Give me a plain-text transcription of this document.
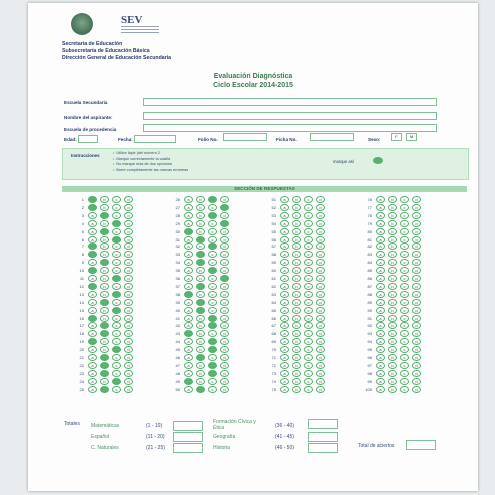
SEV
Secretaría de Educación
Subsecretaría de Educación Básica
Dirección General de Educación Secundaria
Evaluación Diagnóstica
Ciclo Escolar 2014-2015
Escuela Secundaria
Nombre del aspirante:
Escuela de procedencia
Edad:	Fecha:	Folio No.	Ficha No.	Sexo:
F	M
Instrucciones
•	Utilice lápiz (del número 2
• Marque correctamente la casilla
• No marque más de dos opciones
• Borre completamente las marcas erróneas
marque así
SECCIÓN DE RESPUESTAS
1	b	c	d
2	b	c	d
3	a	c	d
4	a	b	d
5	a	c	d
6	a	b	d
7	b	c	d
8	b	c	d
9	a	c	d
10	b	c	d
11	a	b	d
12	b	c	d
13	a	b	d
14	a	c	d
15	a	b	d
16	b	c	d
17	a	c	d
18	a	c	d
19	b	c	d
20	a	b	d
21	a	c	d
22	a	c	d
23	a	c	d
24	a	b	d
25	a	c	d
26	a	b	d
27	a	b	c
28	a	b	d
29	a	b	c
30	b	c	d
31	a	c	d
32	a	b	d
33	a	c	d
34	a	c	d
35	a	b	d
36	a	b	c
37	a	c	d
38	b	c	d
39	a	c	d
40	a	c	d
41	a	b	d
42	a	b	d
43	b	c	d
44	a	b	d
45	a	b	d
46	a	c	d
47	a	b	d
48	a	b	d
49	b	c	d
50	a	c	d
51	a	b	c	d
52	a	b	c	d
53	a	b	c	d
54	a	b	c	d
55	a	b	c	d
56	a	b	c	d
57	a	b	c	d
58	a	b	c	d
59	a	b	c	d
60	a	b	c	d
61	a	b	c	d
62	a	b	c	d
63	a	b	c	d
64	a	b	c	d
65	a	b	c	d
66	a	b	c	d
67	a	b	c	d
68	a	b	c	d
69	a	b	c	d
70	a	b	c	d
71	a	b	c	d
72	a	b	c	d
73	a	b	c	d
74	a	b	c	d
75	a	b	c	d
76	a	b	c	d
77	a	b	c	d
78	a	b	c	d
79	a	b	c	d
80	a	b	c	d
81	a	b	c	d
82	a	b	c	d
83	a	b	c	d
84	a	b	c	d
85	a	b	c	d
86	a	b	c	d
87	a	b	c	d
88	a	b	c	d
89	a	b	c	d
90	a	b	c	d
91	a	b	c	d
92	a	b	c	d
93	a	b	c	d
94	a	b	c	d
95	a	b	c	d
96	a	b	c	d
97	a	b	c	d
98	a	b	c	d
99	a	b	c	d
100	a	b	c	d
Totales Matemáticas	(1 - 10)
Español	(11 - 20)
C. Naturales	(21 - 25)
Formación Cívica y Ética	(36 - 40)
Geografía	(41 - 45)
Historia	(46 - 50)	Total de aciertos
